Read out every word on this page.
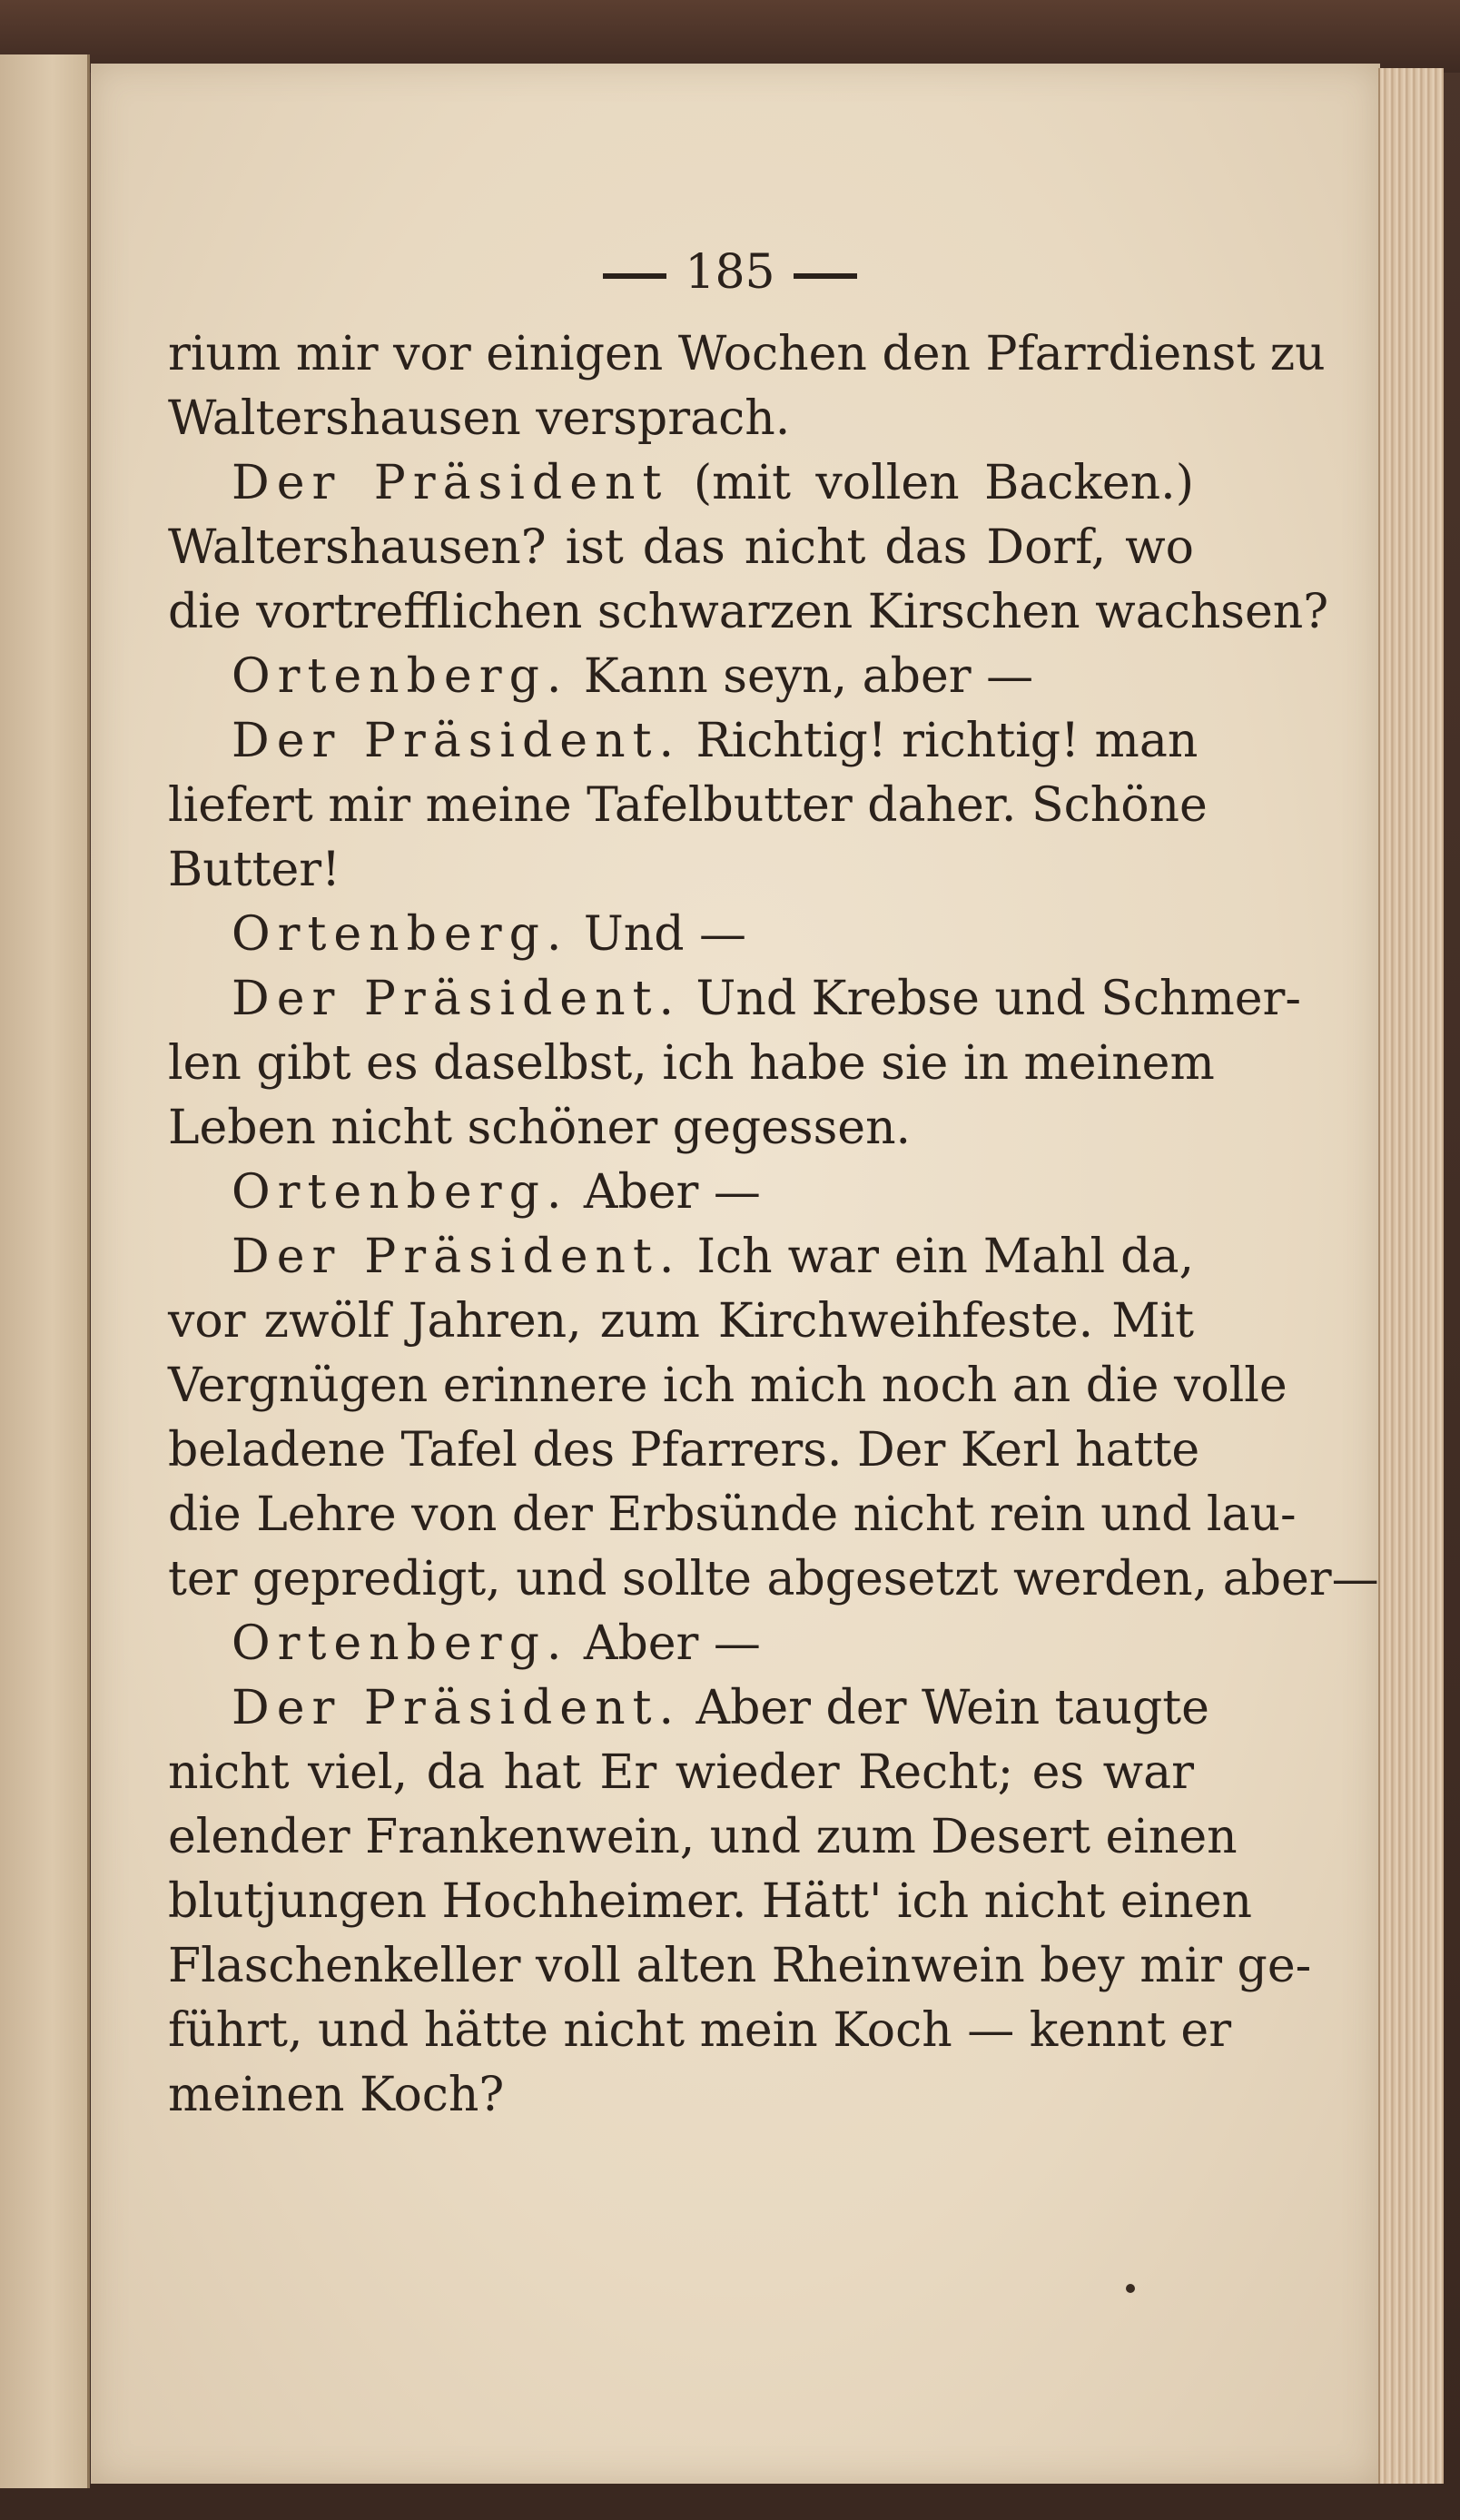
185
rium mir vor einigen Wochen den Pfarrdienst zu
Waltershausen versprach.
Der Präsident (mit vollen Backen.)
Waltershausen? ist das nicht das Dorf, wo
die vortrefflichen schwarzen Kirschen wachsen?
Ortenberg. Kann seyn, aber —
Der Präsident. Richtig! richtig! man
liefert mir meine Tafelbutter daher. Schöne
Butter!
Ortenberg. Und —
Der Präsident. Und Krebse und Schmer-
len gibt es daselbst, ich habe sie in meinem
Leben nicht schöner gegessen.
Ortenberg. Aber —
Der Präsident. Ich war ein Mahl da,
vor zwölf Jahren, zum Kirchweihfeste. Mit
Vergnügen erinnere ich mich noch an die volle
beladene Tafel des Pfarrers. Der Kerl hatte
die Lehre von der Erbsünde nicht rein und lau-
ter gepredigt, und sollte abgesetzt werden, aber—
Ortenberg. Aber —
Der Präsident. Aber der Wein taugte
nicht viel, da hat Er wieder Recht; es war
elender Frankenwein, und zum Desert einen
blutjungen Hochheimer. Hätt' ich nicht einen
Flaschenkeller voll alten Rheinwein bey mir ge-
führt, und hätte nicht mein Koch — kennt er
meinen Koch?
